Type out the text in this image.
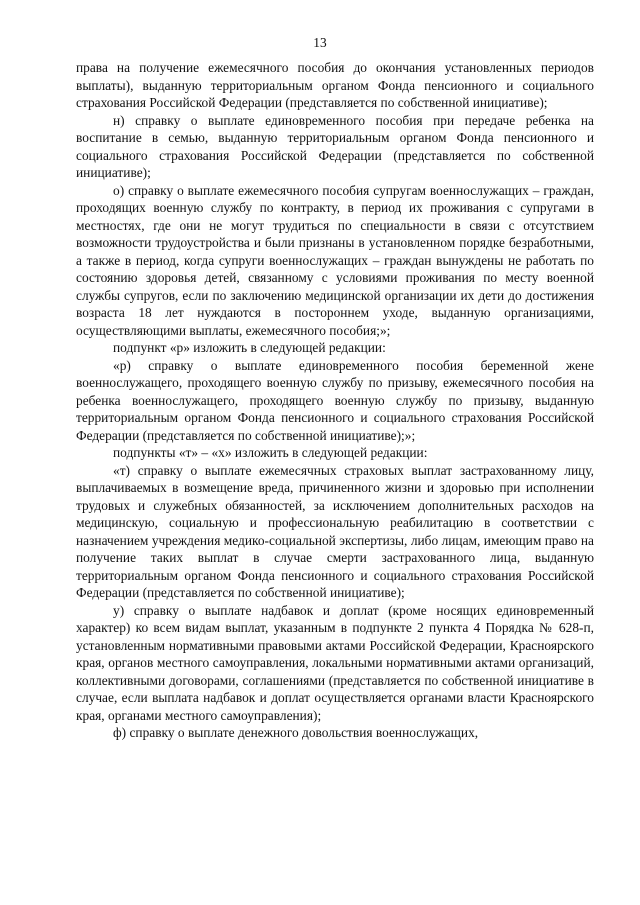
13

права на получение ежемесячного пособия до окончания установленных периодов выплаты), выданную территориальным органом Фонда пенсионного и социального страхования Российской Федерации (представляется по собственной инициативе);

н) справку о выплате единовременного пособия при передаче ребенка на воспитание в семью, выданную территориальным органом Фонда пенсионного и социального страхования Российской Федерации (представляется по собственной инициативе);

о) справку о выплате ежемесячного пособия супругам военнослужащих – граждан, проходящих военную службу по контракту, в период их проживания с супругами в местностях, где они не могут трудиться по специальности в связи с отсутствием возможности трудоустройства и были признаны в установленном порядке безработными, а также в период, когда супруги военнослужащих – граждан вынуждены не работать по состоянию здоровья детей, связанному с условиями проживания по месту военной службы супругов, если по заключению медицинской организации их дети до достижения возраста 18 лет нуждаются в постороннем уходе, выданную организациями, осуществляющими выплаты, ежемесячного пособия;»;

подпункт «р» изложить в следующей редакции:

«р) справку о выплате единовременного пособия беременной жене военнослужащего, проходящего военную службу по призыву, ежемесячного пособия на ребенка военнослужащего, проходящего военную службу по призыву, выданную территориальным органом Фонда пенсионного и социального страхования Российской Федерации (представляется по собственной инициативе);»;

подпункты «т» – «х» изложить в следующей редакции:

«т) справку о выплате ежемесячных страховых выплат застрахованному лицу, выплачиваемых в возмещение вреда, причиненного жизни и здоровью при исполнении трудовых и служебных обязанностей, за исключением дополнительных расходов на медицинскую, социальную и профессиональную реабилитацию в соответствии с назначением учреждения медико-социальной экспертизы, либо лицам, имеющим право на получение таких выплат в случае смерти застрахованного лица, выданную территориальным органом Фонда пенсионного и социального страхования Российской Федерации (представляется по собственной инициативе);

у) справку о выплате надбавок и доплат (кроме носящих единовременный характер) ко всем видам выплат, указанным в подпункте 2 пункта 4 Порядка № 628-п, установленным нормативными правовыми актами Российской Федерации, Красноярского края, органов местного самоуправления, локальными нормативными актами организаций, коллективными договорами, соглашениями (представляется по собственной инициативе в случае, если выплата надбавок и доплат осуществляется органами власти Красноярского края, органами местного самоуправления);

ф) справку о выплате денежного довольствия военнослужащих,
